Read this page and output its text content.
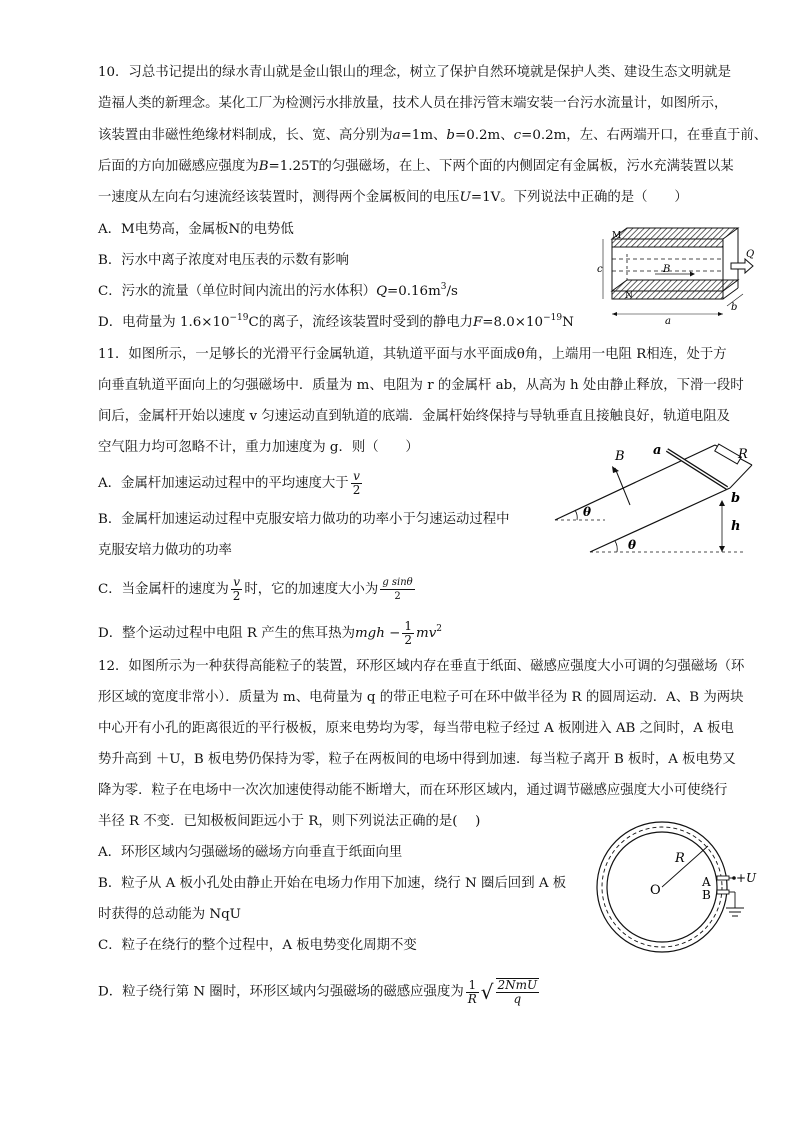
10．习总书记提出的绿水青山就是金山银山的理念，树立了保护自然环境就是保护人类、建设生态文明就是
造福人类的新理念。某化工厂为检测污水排放量，技术人员在排污管末端安装一台污水流量计，如图所示，
该装置由非磁性绝缘材料制成，长、宽、高分别为a=1m、b=0.2m、c=0.2m，左、右两端开口，在垂直于前、
后面的方向加磁感应强度为B=1.25T的匀强磁场，在上、下两个面的内侧固定有金属板，污水充满装置以某
一速度从左向右匀速流经该装置时，测得两个金属板间的电压U=1V。下列说法中正确的是（　　）
A．M电势高，金属板N的电势低
B．污水中离子浓度对电压表的示数有影响
C．污水的流量（单位时间内流出的污水体积）$Q=0.16m^3/s$
D．电荷量为 $1.6\times 10^{-19}C$的离子，流经该装置时受到的静电力$F=8.0\times 10^{-19}N$
B
Q
M
N
c
a
b
11．如图所示，一足够长的光滑平行金属轨道，其轨道平面与水平面成θ角，上端用一电阻 R相连，处于方
向垂直轨道平面向上的匀强磁场中．质量为 m、电阻为 r 的金属杆 ab，从高为 h 处由静止释放，下滑一段时
间后，金属杆开始以速度 v 匀速运动直到轨道的底端．金属杆始终保持与导轨垂直且接触良好，轨道电阻及
空气阻力均可忽略不计，重力加速度为 g．则（　　）
A．金属杆加速运动过程中的平均速度大于 $\frac{v}{2}$
B．金属杆加速运动过程中克服安培力做功的功率小于匀速运动过程中
克服安培力做功的功率
C．当金属杆的速度为 $\frac{v}{2}$ 时，它的加速度大小为 $\frac{\text{g sinθ}}{2}$
D．整个运动过程中电阻 R 产生的焦耳热为mgh − $\frac{1}{2} mv^2$
R
a
b
B
θ
θ
h
12．如图所示为一种获得高能粒子的装置，环形区域内存在垂直于纸面、磁感应强度大小可调的匀强磁场（环
形区域的宽度非常小）．质量为 m、电荷量为 q 的带正电粒子可在环中做半径为 R 的圆周运动．A、B 为两块
中心开有小孔的距离很近的平行极板，原来电势均为零，每当带电粒子经过 A 板刚进入 AB 之间时，A 板电
势升高到 ＋U，B 板电势仍保持为零，粒子在两板间的电场中得到加速．每当粒子离开 B 板时，A 板电势又
降为零．粒子在电场中一次次加速使得动能不断增大，而在环形区域内，通过调节磁感应强度大小可使绕行
半径 R 不变．已知极板间距远小于 R，则下列说法正确的是(　 )
A．环形区域内匀强磁场的磁场方向垂直于纸面向里
B．粒子从 A 板小孔处由静止开始在电场力作用下加速，绕行 N 圈后回到 A 板
时获得的总动能为 NqU
C．粒子在绕行的整个过程中，A 板电势变化周期不变
D．粒子绕行第 N 圈时，环形区域内匀强磁场的磁感应强度为 $\frac{1}{R}$ √ $\frac{\text{2NmU}}{q}$
R
O
A
B
+U
